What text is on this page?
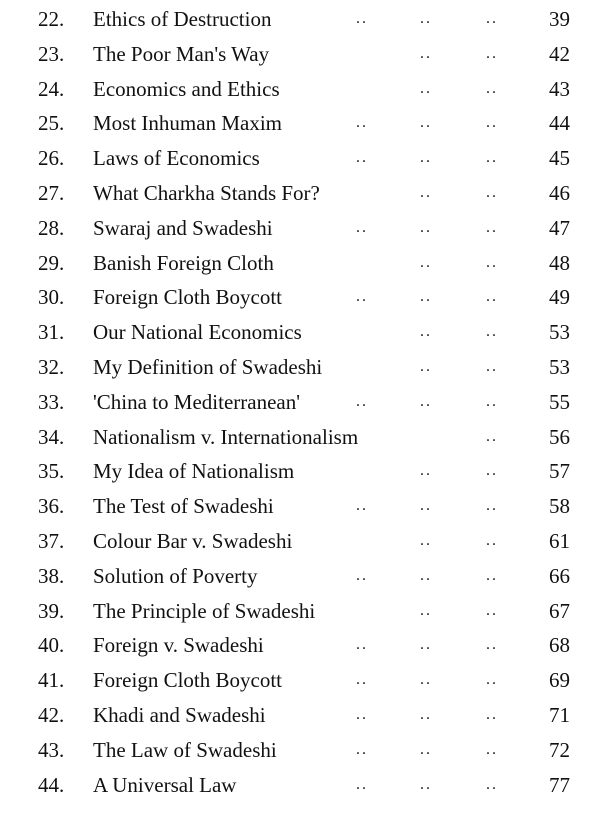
22.	Ethics of Destruction	..	..	..	39
23.	The Poor Man's Way	..	..	42
24.	Economics and Ethics	..	..	43
25.	Most Inhuman Maxim	..	..	..	44
26.	Laws of Economics	..	..	..	45
27.	What Charkha Stands For?	..	..	46
28.	Swaraj and Swadeshi	..	..	..	47
29.	Banish Foreign Cloth	..	..	48
30.	Foreign Cloth Boycott	..	..	..	49
31.	Our National Economics	..	..	53
32.	My Definition of Swadeshi	..	..	53
33.	'China to Mediterranean'	..	..	..	55
34.	Nationalism v. Internationalism	..	56
35.	My Idea of Nationalism	..	..	57
36.	The Test of Swadeshi	..	..	..	58
37.	Colour Bar v. Swadeshi	..	..	61
38.	Solution of Poverty	..	..	..	66
39.	The Principle of Swadeshi	..	..	67
40.	Foreign v. Swadeshi	..	..	..	68
41.	Foreign Cloth Boycott	..	..	..	69
42.	Khadi and Swadeshi	..	..	..	71
43.	The Law of Swadeshi	..	..	..	72
44.	A Universal Law	..	..	..	77
